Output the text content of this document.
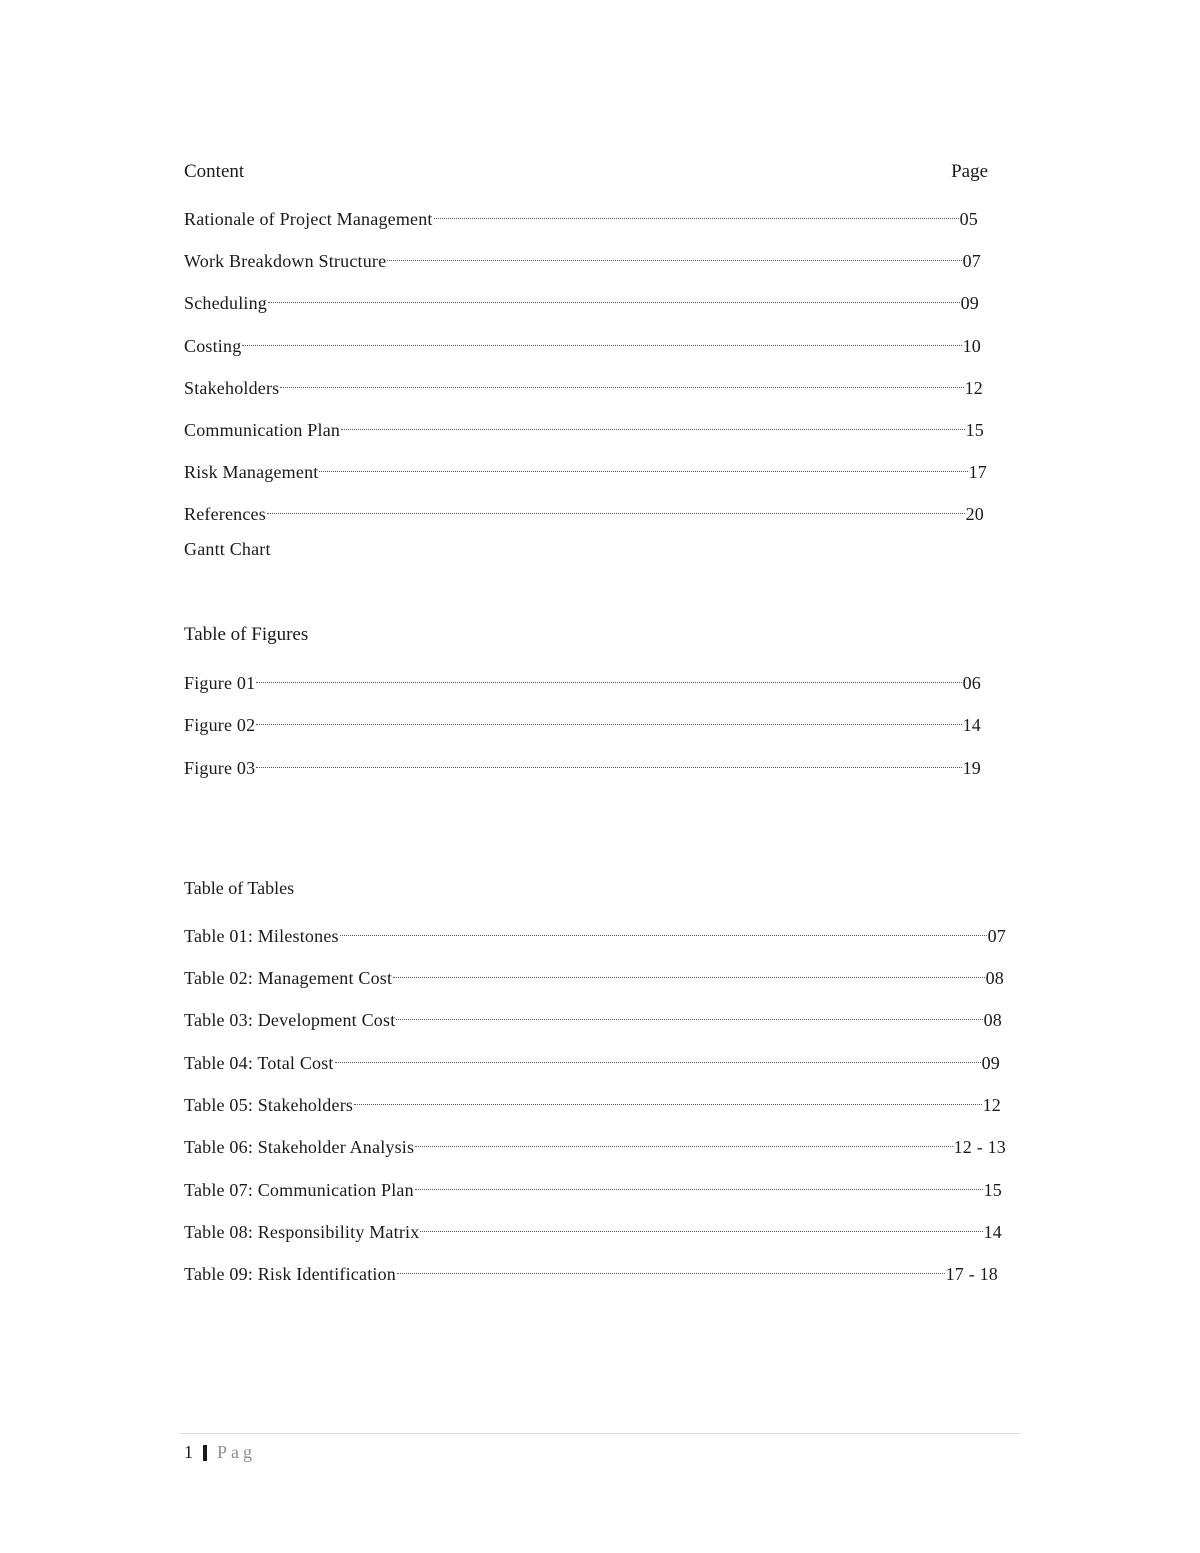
Content	Page
Rationale of Project Management	05
Work Breakdown Structure	07
Scheduling	09
Costing	10
Stakeholders	12
Communication Plan	15
Risk Management	17
References	20
Gantt Chart
Table of Figures
Figure 01	06
Figure 02	14
Figure 03	19
Table of Tables
Table 01: Milestones	07
Table 02: Management Cost	08
Table 03: Development Cost	08
Table 04: Total Cost	09
Table 05: Stakeholders	12
Table 06: Stakeholder Analysis	12 - 13
Table 07: Communication Plan	15
Table 08: Responsibility Matrix	14
Table 09: Risk Identification	17 - 18
1 Pag
